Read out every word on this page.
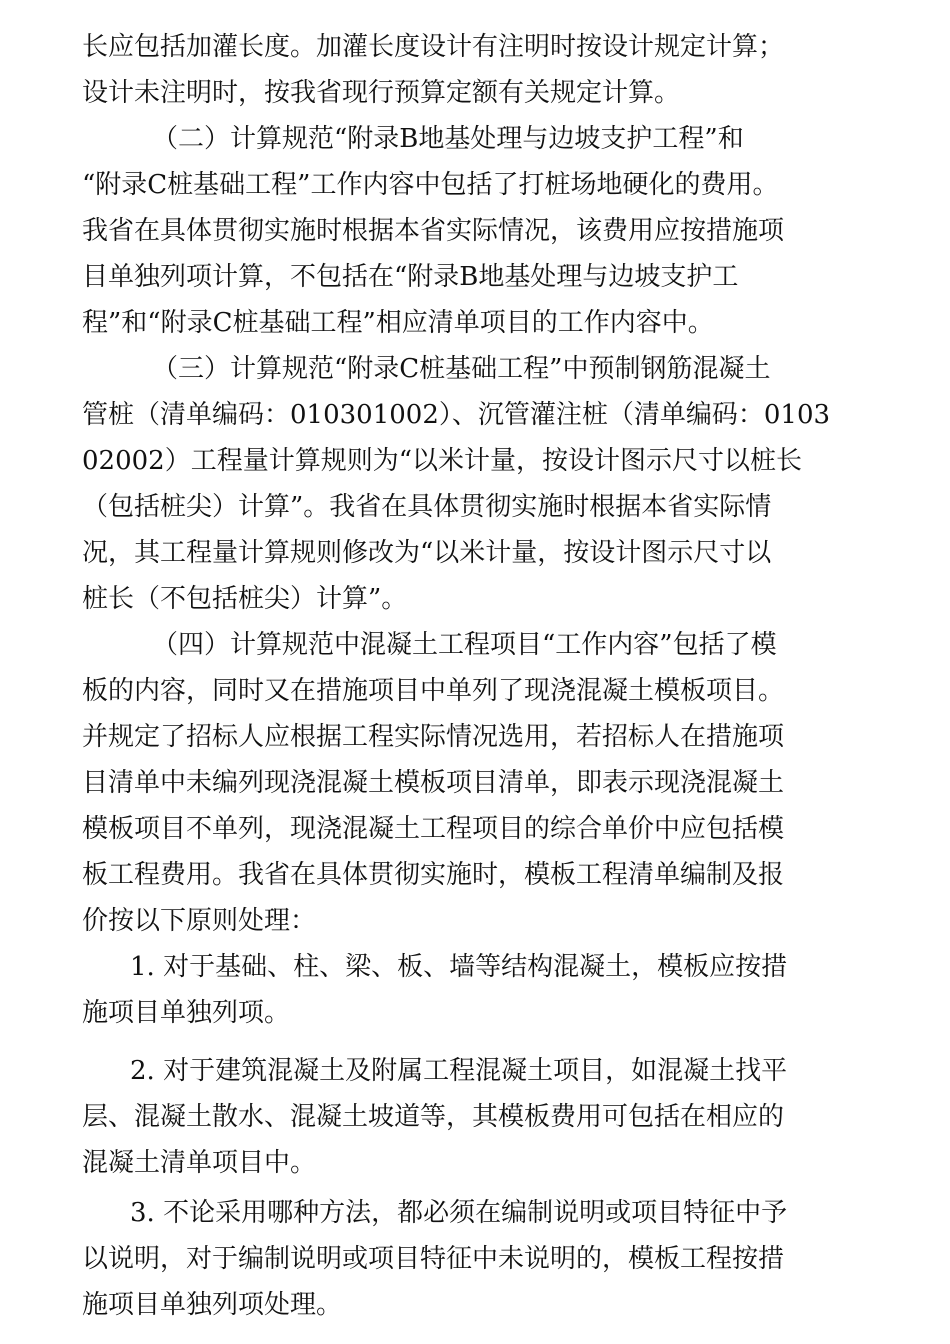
长应包括加灌长度。加灌长度设计有注明时按设计规定计算；
设计未注明时，按我省现行预算定额有关规定计算。
（二）计算规范“附录B地基处理与边坡支护工程”和
“附录C桩基础工程”工作内容中包括了打桩场地硬化的费用。
我省在具体贯彻实施时根据本省实际情况，该费用应按措施项
目单独列项计算，不包括在“附录B地基处理与边坡支护工
程”和“附录C桩基础工程”相应清单项目的工作内容中。
（三）计算规范“附录C桩基础工程”中预制钢筋混凝土
管桩（清单编码：010301002）、沉管灌注桩（清单编码：0103
02002）工程量计算规则为“以米计量，按设计图示尺寸以桩长
（包括桩尖）计算”。我省在具体贯彻实施时根据本省实际情
况，其工程量计算规则修改为“以米计量，按设计图示尺寸以
桩长（不包括桩尖）计算”。
（四）计算规范中混凝土工程项目“工作内容”包括了模
板的内容，同时又在措施项目中单列了现浇混凝土模板项目。
并规定了招标人应根据工程实际情况选用，若招标人在措施项
目清单中未编列现浇混凝土模板项目清单，即表示现浇混凝土
模板项目不单列，现浇混凝土工程项目的综合单价中应包括模
板工程费用。我省在具体贯彻实施时，模板工程清单编制及报
价按以下原则处理：
1. 对于基础、柱、梁、板、墙等结构混凝土，模板应按措
施项目单独列项。
2. 对于建筑混凝土及附属工程混凝土项目，如混凝土找平
层、混凝土散水、混凝土坡道等，其模板费用可包括在相应的
混凝土清单项目中。
3. 不论采用哪种方法，都必须在编制说明或项目特征中予
以说明，对于编制说明或项目特征中未说明的，模板工程按措
施项目单独列项处理。
